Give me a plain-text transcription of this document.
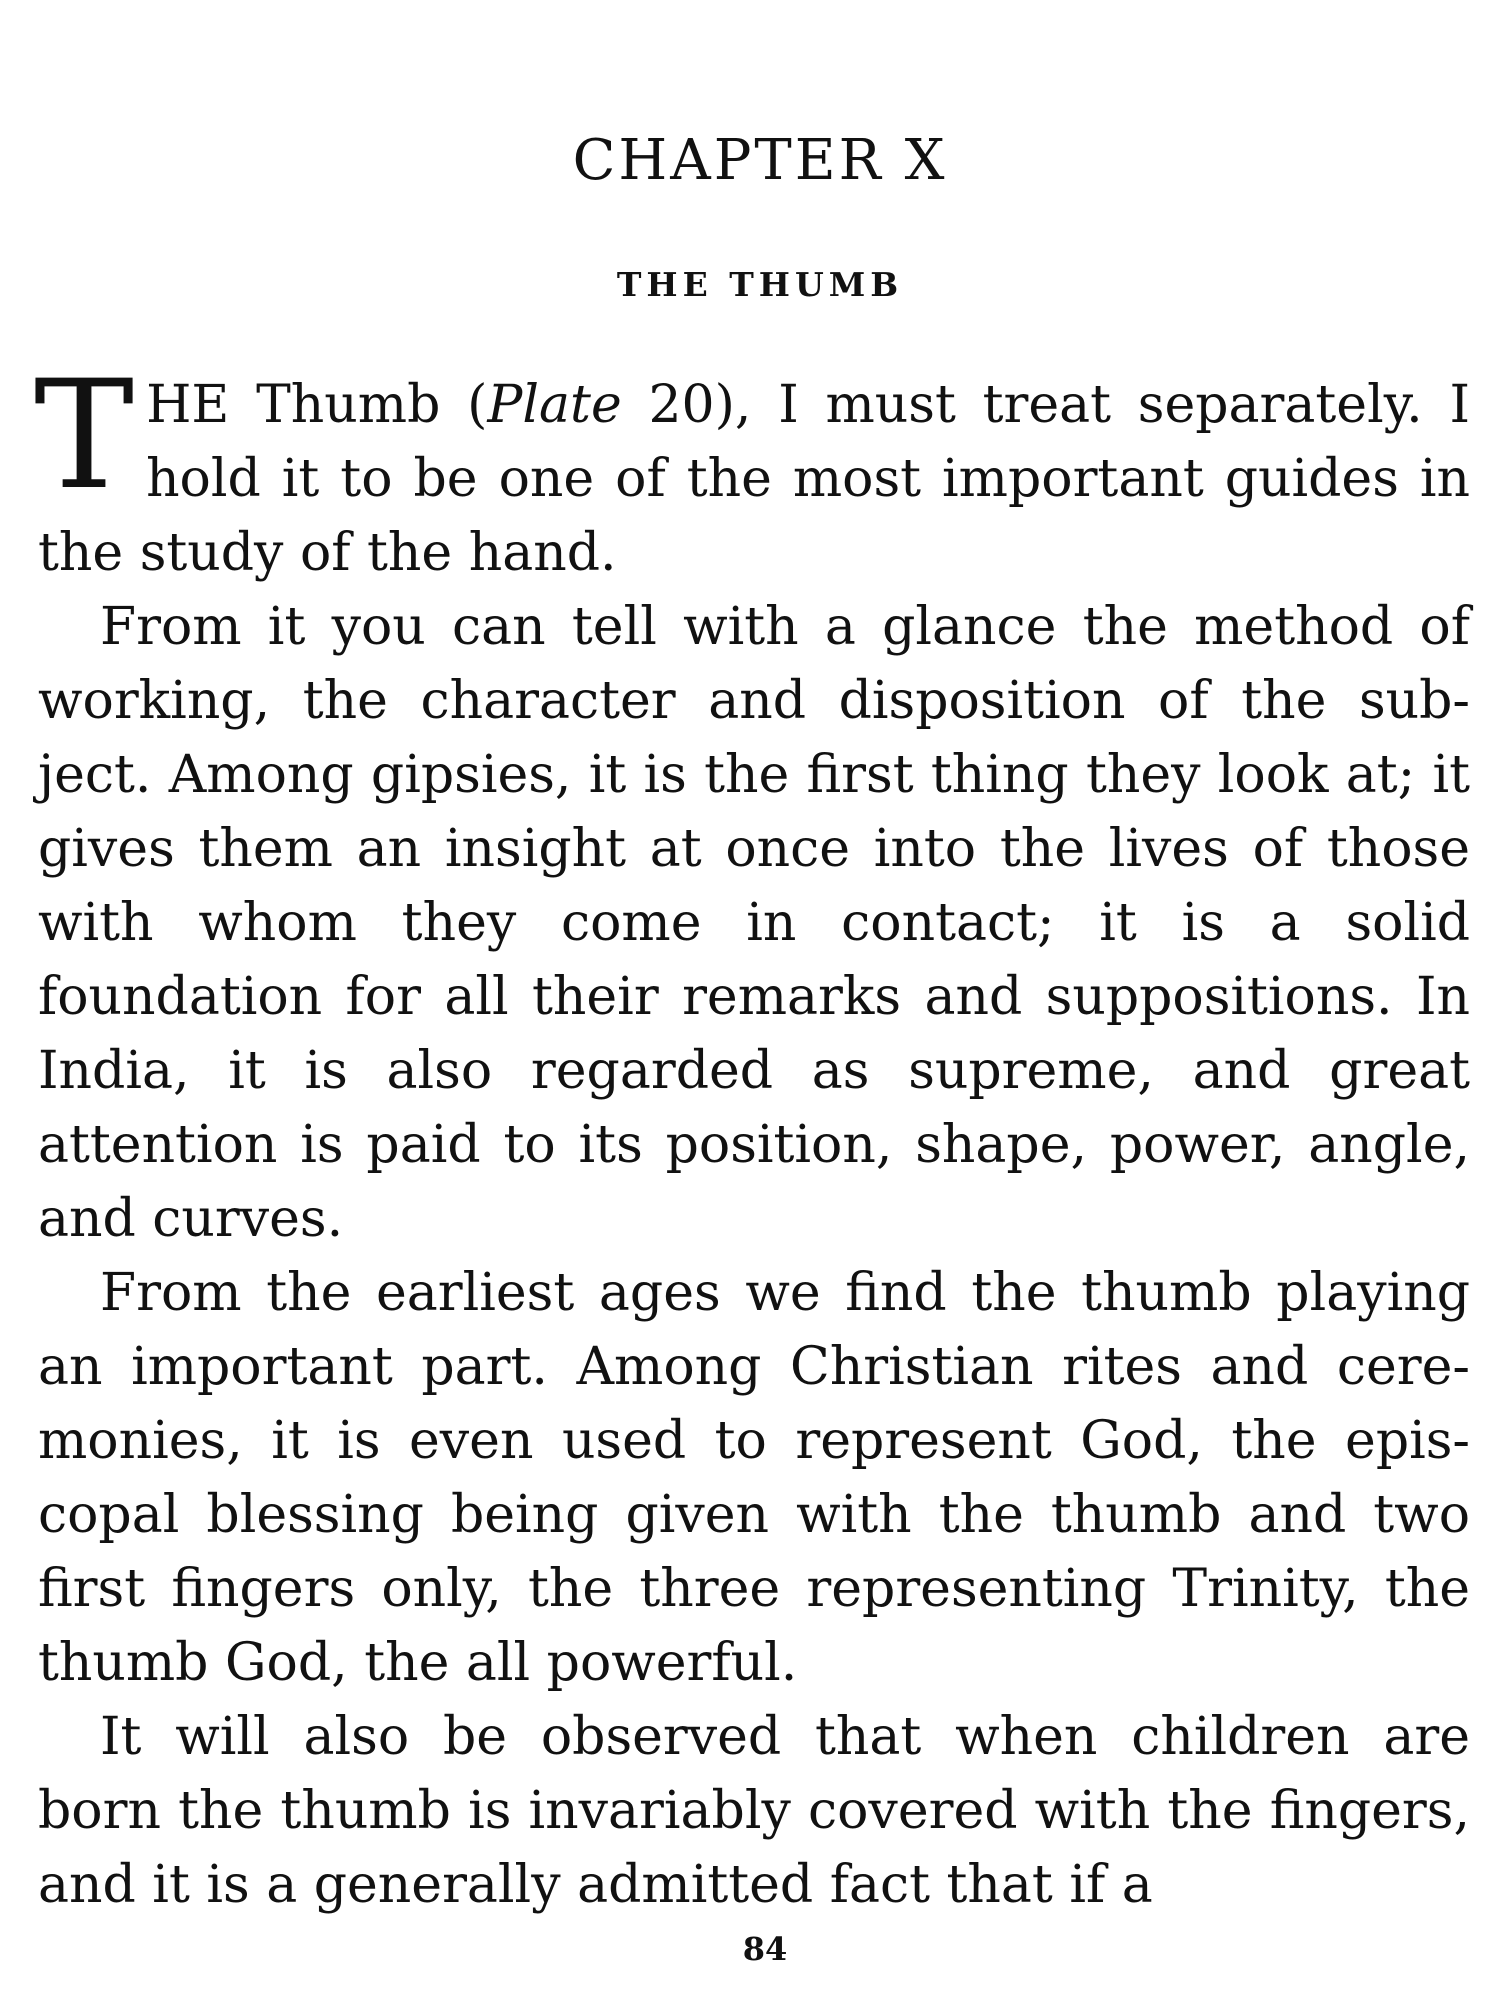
CHAPTER X
THE THUMB

THE Thumb (Plate 20), I must treat separately. I hold it to be one of the most important guides in the study of the hand.

From it you can tell with a glance the method of working, the character and disposition of the sub-ject. Among gipsies, it is the first thing they look at; it gives them an insight at once into the lives of those with whom they come in contact; it is a solid foundation for all their remarks and suppositions. In India, it is also regarded as supreme, and great attention is paid to its position, shape, power, angle, and curves.

From the earliest ages we find the thumb playing an important part. Among Christian rites and cere-monies, it is even used to represent God, the epis-copal blessing being given with the thumb and two first fingers only, the three representing Trinity, the thumb God, the all powerful.

It will also be observed that when children are born the thumb is invariably covered with the fingers, and it is a generally admitted fact that if a

84
